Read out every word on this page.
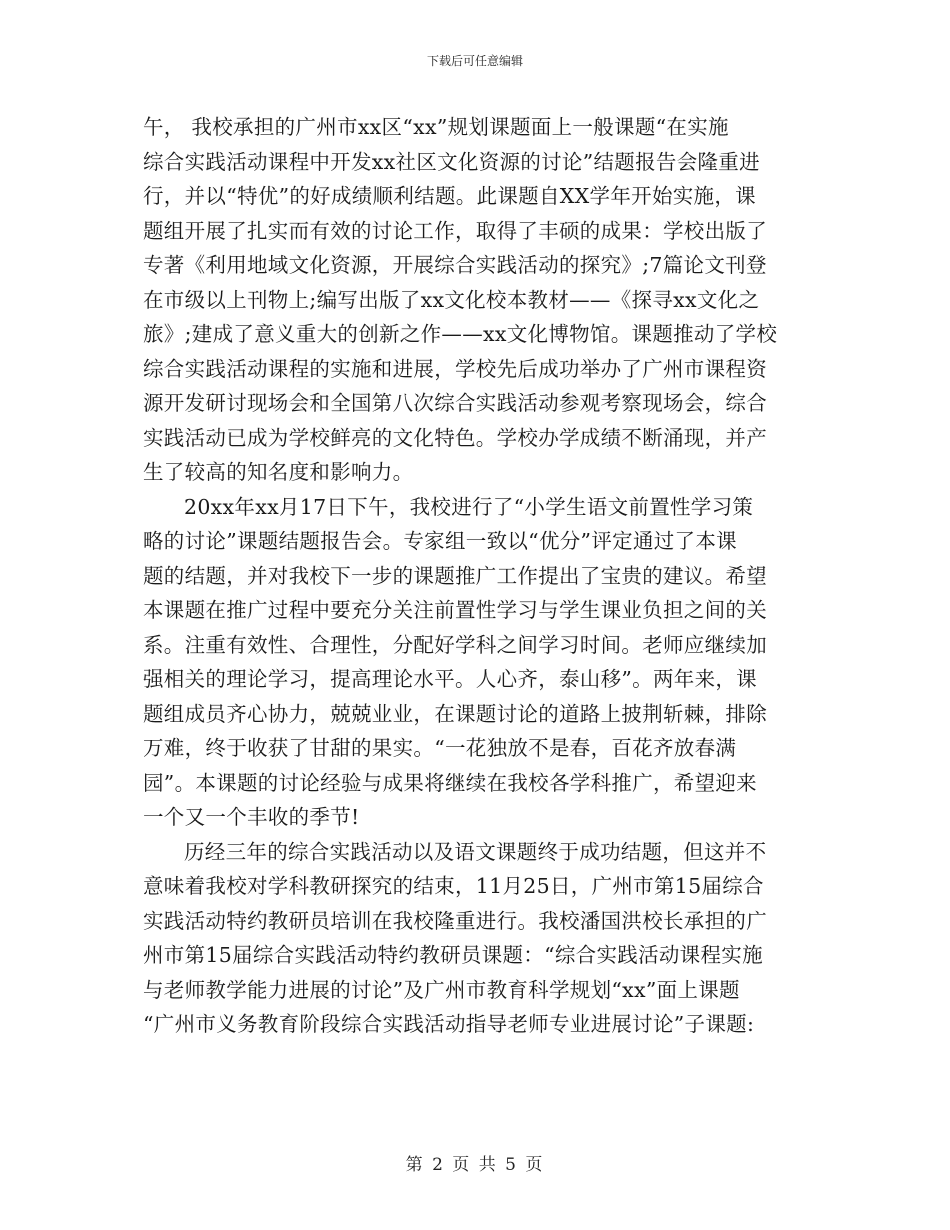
下载后可任意编辑

午， 我校承担的广州市xx区“xx”规划课题面上一般课题“在实施
综合实践活动课程中开发xx社区文化资源的讨论”结题报告会隆重进
行，并以“特优”的好成绩顺利结题。此课题自XX学年开始实施，课
题组开展了扎实而有效的讨论工作，取得了丰硕的成果：学校出版了
专著《利用地域文化资源，开展综合实践活动的探究》;7篇论文刊登
在市级以上刊物上;编写出版了xx文化校本教材——《探寻xx文化之
旅》;建成了意义重大的创新之作——xx文化博物馆。课题推动了学校
综合实践活动课程的实施和进展，学校先后成功举办了广州市课程资
源开发研讨现场会和全国第八次综合实践活动参观考察现场会，综合
实践活动已成为学校鲜亮的文化特色。学校办学成绩不断涌现，并产
生了较高的知名度和影响力。

20xx年xx月17日下午，我校进行了“小学生语文前置性学习策
略的讨论”课题结题报告会。专家组一致以“优分”评定通过了本课
题的结题，并对我校下一步的课题推广工作提出了宝贵的建议。希望
本课题在推广过程中要充分关注前置性学习与学生课业负担之间的关
系。注重有效性、合理性，分配好学科之间学习时间。老师应继续加
强相关的理论学习，提高理论水平。人心齐，泰山移”。两年来，课
题组成员齐心协力，兢兢业业，在课题讨论的道路上披荆斩棘，排除
万难，终于收获了甘甜的果实。“一花独放不是春，百花齐放春满
园”。本课题的讨论经验与成果将继续在我校各学科推广，希望迎来
一个又一个丰收的季节!

历经三年的综合实践活动以及语文课题终于成功结题，但这并不
意味着我校对学科教研探究的结束，11月25日，广州市第15届综合
实践活动特约教研员培训在我校隆重进行。我校潘国洪校长承担的广
州市第15届综合实践活动特约教研员课题：“综合实践活动课程实施
与老师教学能力进展的讨论”及广州市教育科学规划“xx”面上课题
“广州市义务教育阶段综合实践活动指导老师专业进展讨论”子课题:

第 2 页 共 5 页
